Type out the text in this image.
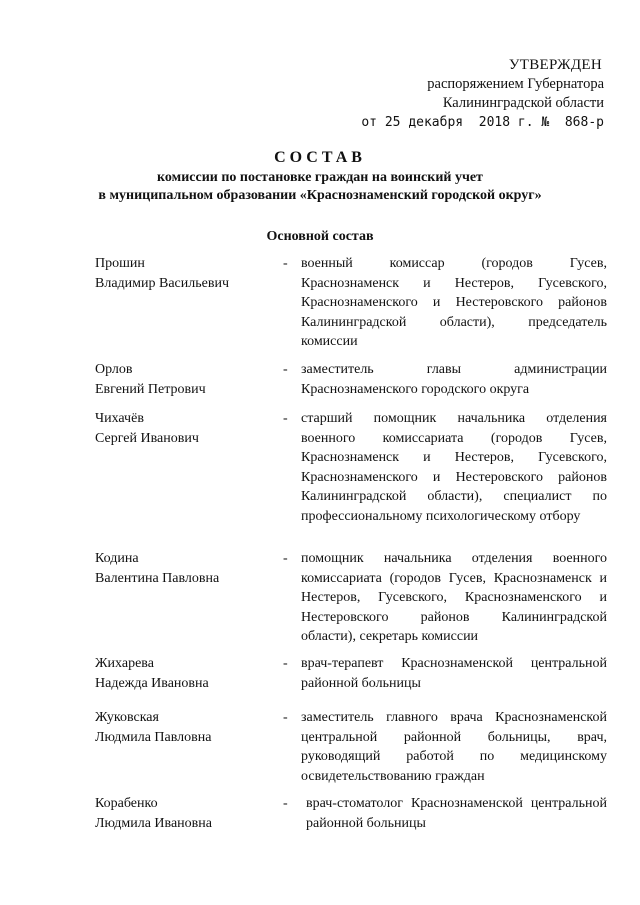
УТВЕРЖДЕН
распоряжением Губернатора
Калининградской области
от 25 декабря  2018 г. №  868-р
СОСТАВ
комиссии по постановке граждан на воинский учет
в муниципальном образовании «Краснознаменский городской округ»
Основной состав
Прошин
Владимир Васильевич
- военный комиссар (городов Гусев, Краснознаменск и Нестеров, Гусевского, Краснознаменского и Нестеровского районов Калининградской области), председатель комиссии
Орлов
Евгений Петрович
- заместитель главы администрации Краснознаменского городского округа
Чихачёв
Сергей Иванович
- старший помощник начальника отделения военного комиссариата (городов Гусев, Краснознаменск и Нестеров, Гусевского, Краснознаменского и Нестеровского районов Калининградской области), специалист по профессиональному психологическому отбору
Кодина
Валентина Павловна
- помощник начальника отделения военного комиссариата (городов Гусев, Краснознаменск и Нестеров, Гусевского, Краснознаменского и Нестеровского районов Калининградской области), секретарь комиссии
Жихарева
Надежда Ивановна
- врач-терапевт Краснознаменской центральной районной больницы
Жуковская
Людмила Павловна
- заместитель главного врача Краснознаменской центральной районной больницы, врач, руководящий работой по медицинскому освидетельствованию граждан
Корабенко
Людмила Ивановна
- врач-стоматолог Краснознаменской центральной районной больницы
